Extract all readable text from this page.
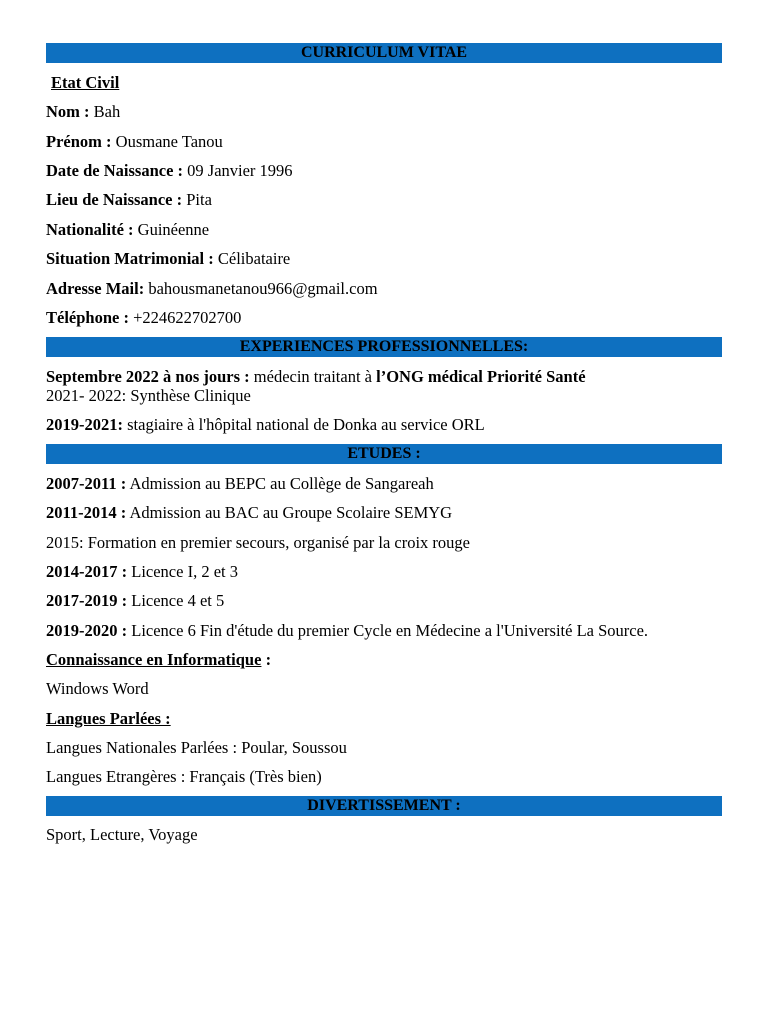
CURRICULUM VITAE
Etat Civil
Nom : Bah
Prénom : Ousmane Tanou
Date de Naissance : 09 Janvier 1996
Lieu de Naissance : Pita
Nationalité : Guinéenne
Situation Matrimonial : Célibataire
Adresse Mail: bahousmanetanou966@gmail.com
Téléphone : +224622702700
EXPERIENCES PROFESSIONNELLES:
Septembre 2022 à nos jours : médecin traitant à l’ONG médical Priorité Santé
2021- 2022: Synthèse Clinique
2019-2021: stagiaire à l'hôpital national de Donka au service ORL
ETUDES :
2007-2011 : Admission au BEPC au Collège de Sangareah
2011-2014 : Admission au BAC au Groupe Scolaire SEMYG
2015: Formation en premier secours, organisé par la croix rouge
2014-2017 : Licence I, 2 et 3
2017-2019 : Licence 4 et 5
2019-2020 : Licence 6 Fin d'étude du premier Cycle en Médecine a l'Université La Source.
Connaissance en Informatique :
Windows Word
Langues Parlées :
Langues Nationales Parlées : Poular, Soussou
Langues Etrangères : Français (Très bien)
DIVERTISSEMENT :
Sport, Lecture, Voyage
